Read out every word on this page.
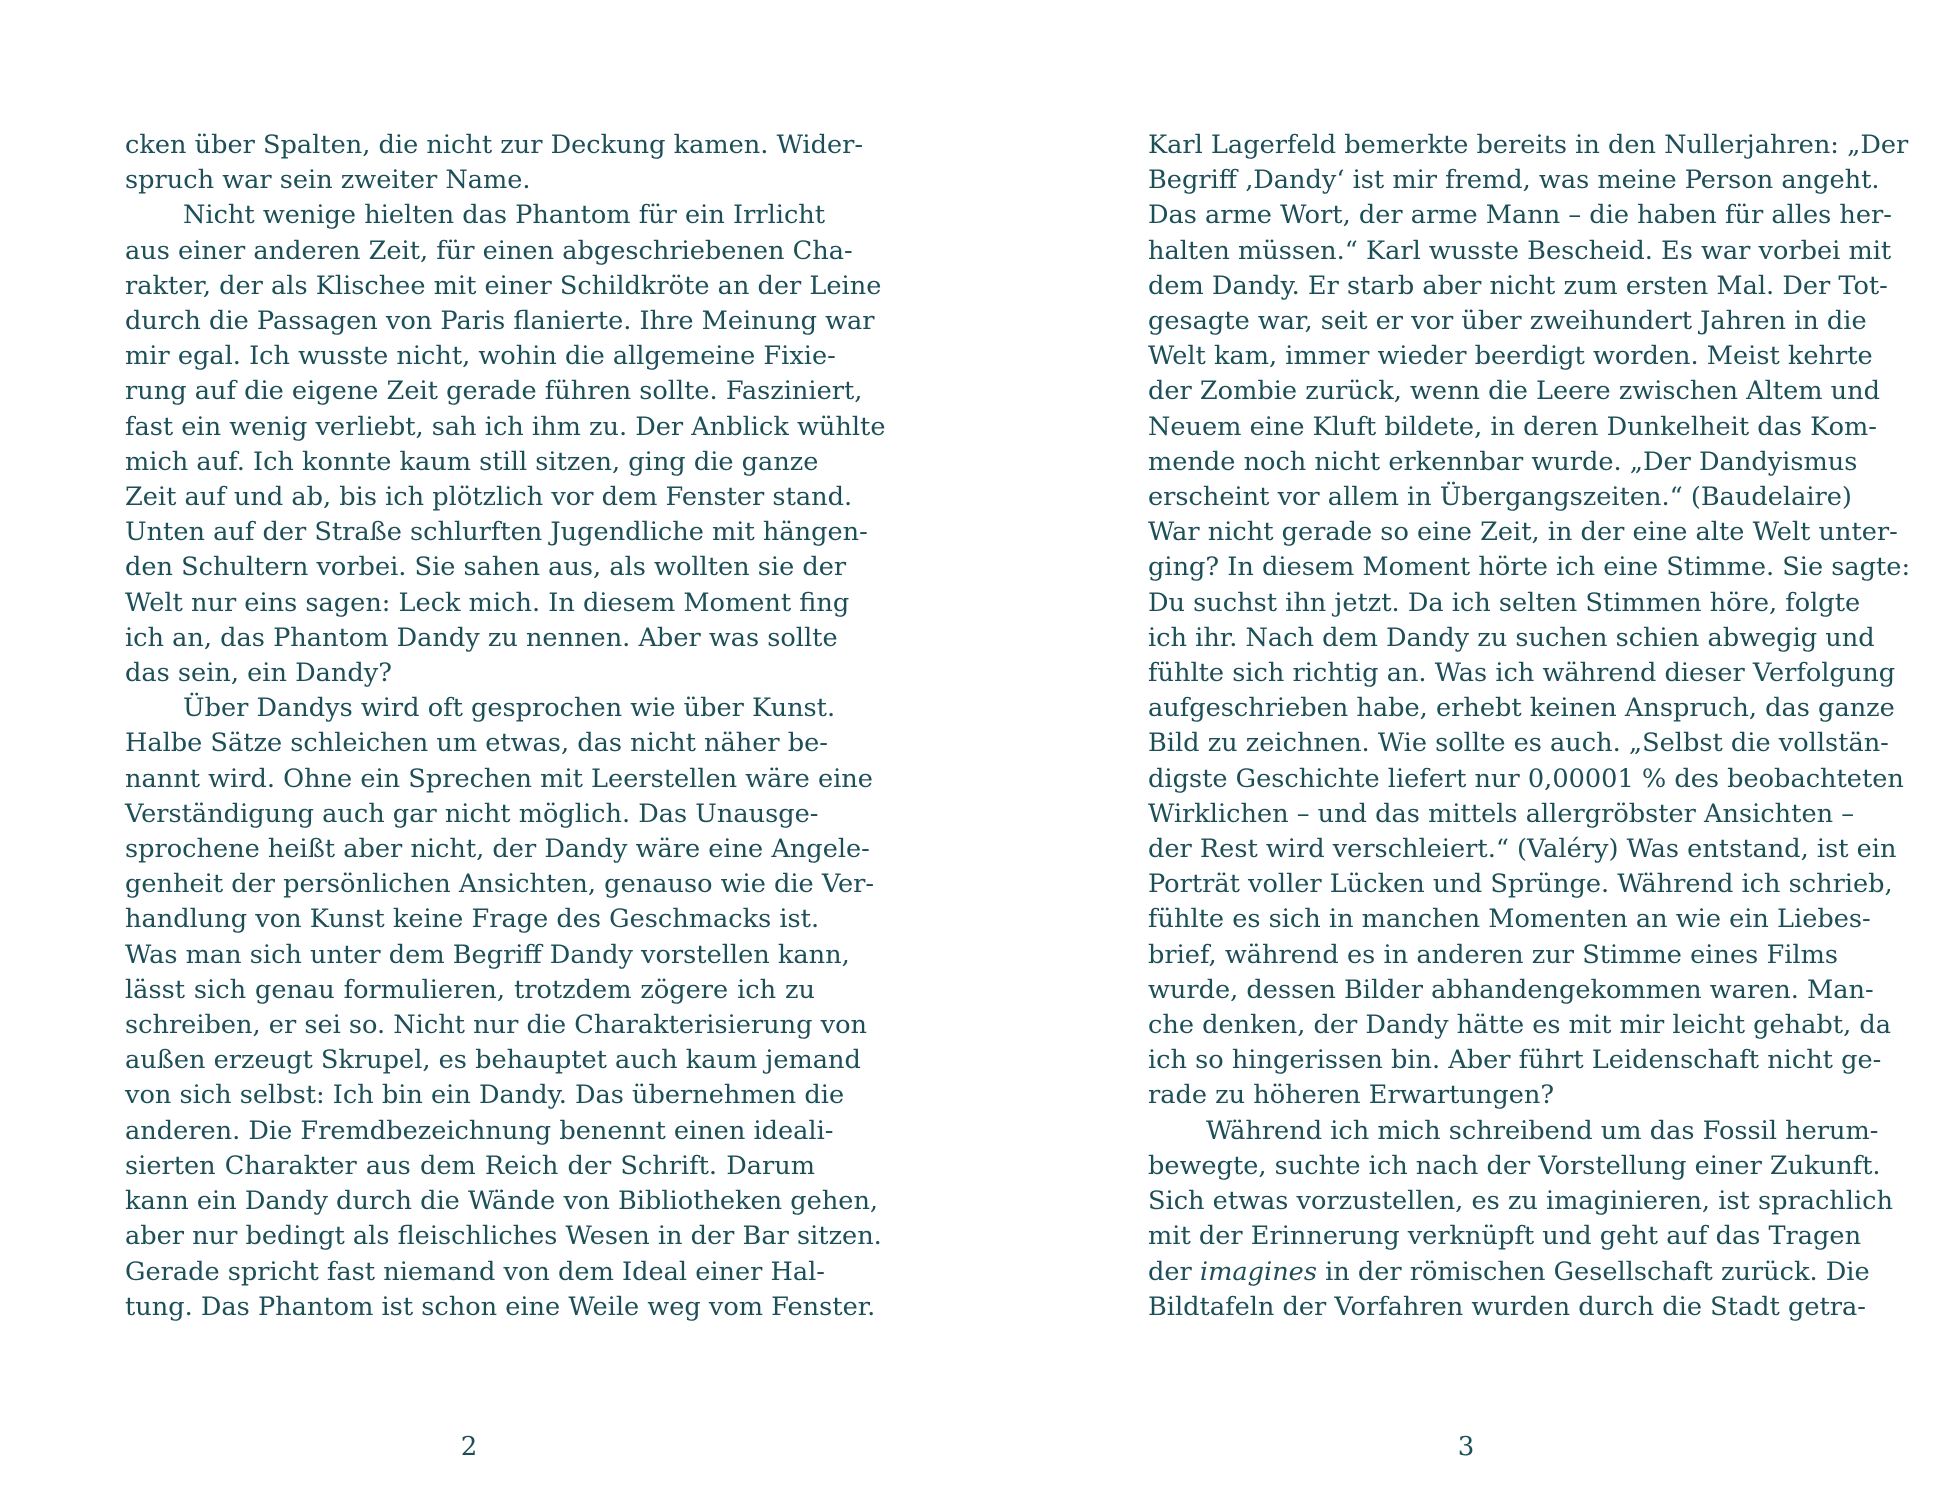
cken über Spalten, die nicht zur Deckung kamen. Wider-
spruch war sein zweiter Name.
Nicht wenige hielten das Phantom für ein Irrlicht
aus einer anderen Zeit, für einen abgeschriebenen Cha-
rakter, der als Klischee mit einer Schildkröte an der Leine
durch die Passagen von Paris flanierte. Ihre Meinung war
mir egal. Ich wusste nicht, wohin die allgemeine Fixie-
rung auf die eigene Zeit gerade führen sollte. Fasziniert,
fast ein wenig verliebt, sah ich ihm zu. Der Anblick wühlte
mich auf. Ich konnte kaum still sitzen, ging die ganze
Zeit auf und ab, bis ich plötzlich vor dem Fenster stand.
Unten auf der Straße schlurften Jugendliche mit hängen-
den Schultern vorbei. Sie sahen aus, als wollten sie der
Welt nur eins sagen: Leck mich. In diesem Moment fing
ich an, das Phantom Dandy zu nennen. Aber was sollte
das sein, ein Dandy?
Über Dandys wird oft gesprochen wie über Kunst.
Halbe Sätze schleichen um etwas, das nicht näher be-
nannt wird. Ohne ein Sprechen mit Leerstellen wäre eine
Verständigung auch gar nicht möglich. Das Unausge-
sprochene heißt aber nicht, der Dandy wäre eine Angele-
genheit der persönlichen Ansichten, genauso wie die Ver-
handlung von Kunst keine Frage des Geschmacks ist.
Was man sich unter dem Begriff Dandy vorstellen kann,
lässt sich genau formulieren, trotzdem zögere ich zu
schreiben, er sei so. Nicht nur die Charakterisierung von
außen erzeugt Skrupel, es behauptet auch kaum jemand
von sich selbst: Ich bin ein Dandy. Das übernehmen die
anderen. Die Fremdbezeichnung benennt einen ideali-
sierten Charakter aus dem Reich der Schrift. Darum
kann ein Dandy durch die Wände von Bibliotheken gehen,
aber nur bedingt als fleischliches Wesen in der Bar sitzen.
Gerade spricht fast niemand von dem Ideal einer Hal-
tung. Das Phantom ist schon eine Weile weg vom Fenster.
2
Karl Lagerfeld bemerkte bereits in den Nullerjahren: „Der
Begriff ‚Dandy‘ ist mir fremd, was meine Person angeht.
Das arme Wort, der arme Mann – die haben für alles her-
halten müssen.“ Karl wusste Bescheid. Es war vorbei mit
dem Dandy. Er starb aber nicht zum ersten Mal. Der Tot-
gesagte war, seit er vor über zweihundert Jahren in die
Welt kam, immer wieder beerdigt worden. Meist kehrte
der Zombie zurück, wenn die Leere zwischen Altem und
Neuem eine Kluft bildete, in deren Dunkelheit das Kom-
mende noch nicht erkennbar wurde. „Der Dandyismus
erscheint vor allem in Übergangszeiten.“ (Baudelaire)
War nicht gerade so eine Zeit, in der eine alte Welt unter-
ging? In diesem Moment hörte ich eine Stimme. Sie sagte:
Du suchst ihn jetzt. Da ich selten Stimmen höre, folgte
ich ihr. Nach dem Dandy zu suchen schien abwegig und
fühlte sich richtig an. Was ich während dieser Verfolgung
aufgeschrieben habe, erhebt keinen Anspruch, das ganze
Bild zu zeichnen. Wie sollte es auch. „Selbst die vollstän-
digste Geschichte liefert nur 0,00001 % des beobachteten
Wirklichen – und das mittels allergröbster Ansichten –
der Rest wird verschleiert.“ (Valéry) Was entstand, ist ein
Porträt voller Lücken und Sprünge. Während ich schrieb,
fühlte es sich in manchen Momenten an wie ein Liebes-
brief, während es in anderen zur Stimme eines Films
wurde, dessen Bilder abhandengekommen waren. Man-
che denken, der Dandy hätte es mit mir leicht gehabt, da
ich so hingerissen bin. Aber führt Leidenschaft nicht ge-
rade zu höheren Erwartungen?
Während ich mich schreibend um das Fossil herum-
bewegte, suchte ich nach der Vorstellung einer Zukunft.
Sich etwas vorzustellen, es zu imaginieren, ist sprachlich
mit der Erinnerung verknüpft und geht auf das Tragen
der imagines in der römischen Gesellschaft zurück. Die
Bildtafeln der Vorfahren wurden durch die Stadt getra-
3
